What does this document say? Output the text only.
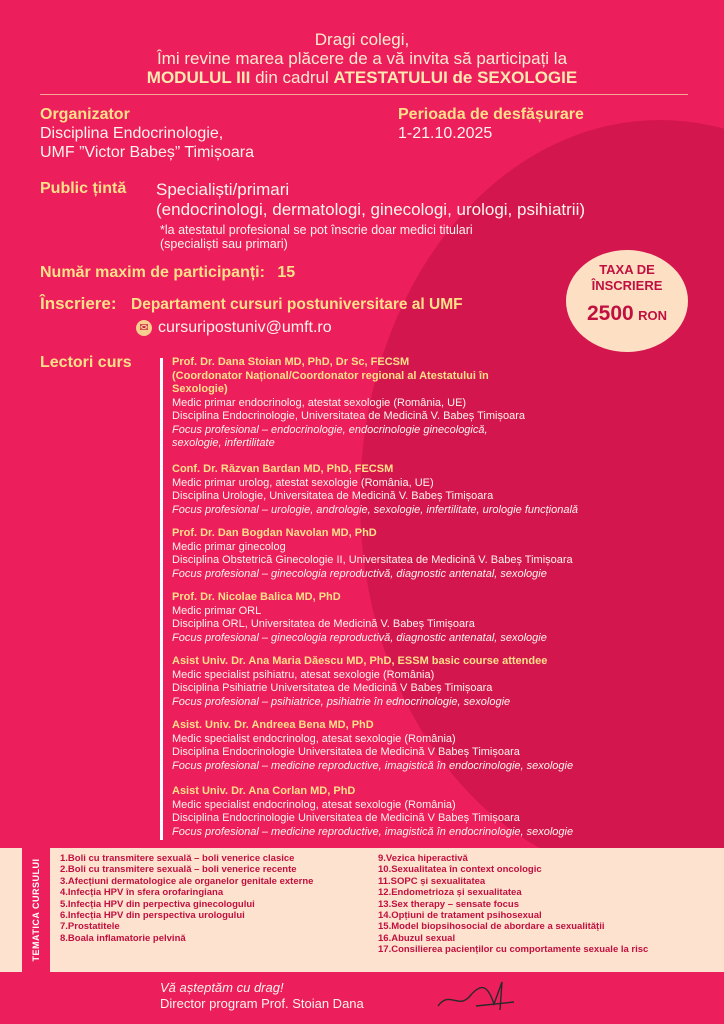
Dragi colegi,
Îmi revine marea plăcere de a vă invita să participați la
MODULUL III din cadrul ATESTATULUI de SEXOLOGIE
Organizator
Disciplina Endocrinologie,
UMF ”Victor Babeș” Timișoara
Perioada de desfășurare
1-21.10.2025
Public țintă Specialiști/primari
(endocrinologi, dermatologi, ginecologi, urologi, psihiatrii)
*la atestatul profesional se pot înscrie doar medici titulari
(specialiști sau primari)
Număr maxim de participanți: 15
Înscriere: Departament cursuri postuniversitare al UMF
✉ cursuripostuniv@umft.ro
TAXA DE
ÎNSCRIERE
2500 RON
Lectori curs	Prof. Dr. Dana Stoian MD, PhD, Dr Sc, FECSM
(Coordonator Național/Coordonator regional al Atestatului în
Sexologie)
Medic primar endocrinolog, atestat sexologie (România, UE)
Disciplina Endocrinologie, Universitatea de Medicină V. Babeș Timișoara
Focus profesional – endocrinologie, endocrinologie ginecologică,
sexologie, infertilitate
Conf. Dr. Răzvan Bardan MD, PhD, FECSM
Medic primar urolog, atestat sexologie (România, UE)
Disciplina Urologie, Universitatea de Medicină V. Babeș Timișoara
Focus profesional – urologie, andrologie, sexologie, infertilitate, urologie funcțională
Prof. Dr. Dan Bogdan Navolan MD, PhD
Medic primar ginecolog
Disciplina Obstetrică Ginecologie II, Universitatea de Medicină V. Babeș Timișoara
Focus profesional – ginecologia reproductivă, diagnostic antenatal, sexologie
Prof. Dr. Nicolae Balica MD, PhD
Medic primar ORL
Disciplina ORL, Universitatea de Medicină V. Babeș Timișoara
Focus profesional – ginecologia reproductivă, diagnostic antenatal, sexologie
Asist Univ. Dr. Ana Maria Dăescu MD, PhD, ESSM basic course attendee
Medic specialist psihiatru, atesat sexologie (România)
Disciplina Psihiatrie Universitatea de Medicină V Babeș Timișoara
Focus profesional – psihiatrice, psihiatrie în ednocrinologie, sexologie
Asist. Univ. Dr. Andreea Bena MD, PhD
Medic specialist endocrinolog, atesat sexologie (România)
Disciplina Endocrinologie Universitatea de Medicină V Babeș Timișoara
Focus profesional – medicine reproductive, imagistică în endocrinologie, sexologie
Asist Univ. Dr. Ana Corlan MD, PhD
Medic specialist endocrinolog, atesat sexologie (România)
Disciplina Endocrinologie Universitatea de Medicină V Babeș Timișoara
Focus profesional – medicine reproductive, imagistică în endocrinologie, sexologie
TEMATICA CURSULUI 1.Boli cu transmitere sexuală – boli venerice clasice
2.Boli cu transmitere sexuală – boli venerice recente
3.Afecțiuni dermatologice ale organelor genitale externe
4.Infecția HPV în sfera orofaringiana
5.Infecția HPV din perpectiva ginecologului
6.Infecția HPV din perspectiva urologului
7.Prostatitele
8.Boala inflamatorie pelvină
9.Vezica hiperactivă
10.Sexualitatea în context oncologic
11.SOPC și sexualitatea
12.Endometrioza și sexualitatea
13.Sex therapy – sensate focus
14.Opțiuni de tratament psihosexual
15.Model biopsihosocial de abordare a sexualității
16.Abuzul sexual
17.Consilierea pacienților cu comportamente sexuale la risc
Vă așteptăm cu drag!
Director program Prof. Stoian Dana
